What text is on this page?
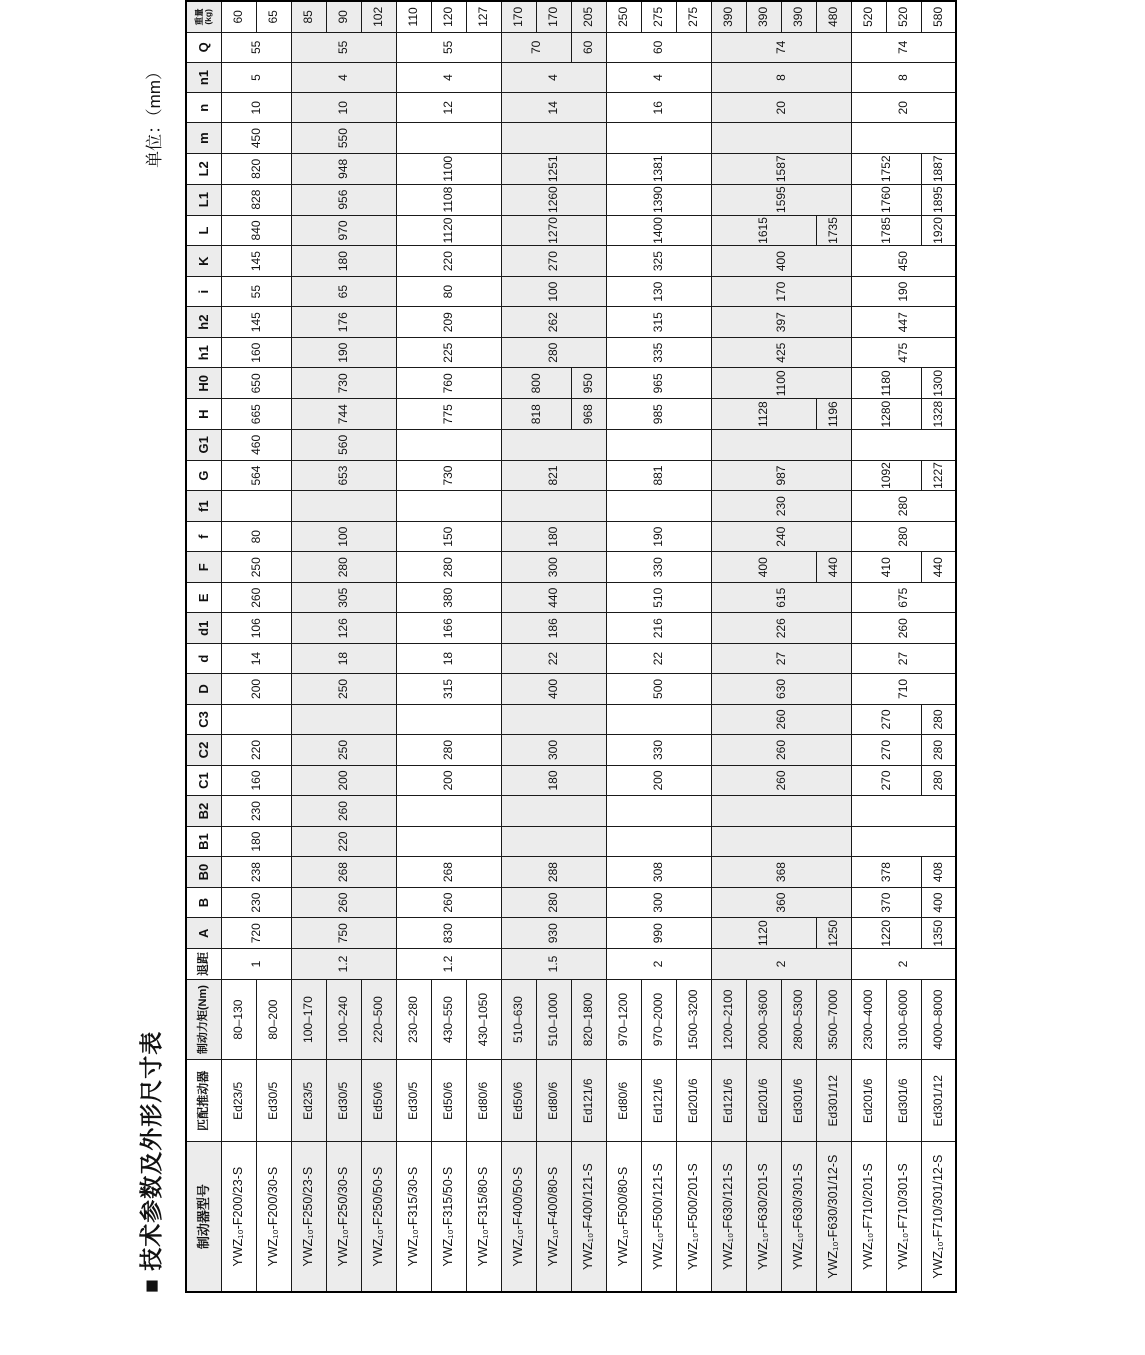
■ 技术参数及外形尺寸表
单位：（mm）
制动器型号	匹配推动器	制动力矩(Nm)	退距	A	B	B0	B1	B2	C1	C2	C3	D	d	d1	E	F	f	f1	G	G1	H	H0	h1	h2	i	K	L	L1	L2	m	n	n1	Q	重量(kg)
YWZ₁₀-F200/23-S	Ed23/5	80–130	1	720	230	238	180	230	160	220		200	14	106	260	250	80		564	460	665	650	160	145	55	145	840	828	820	450	10	5	55	60
YWZ₁₀-F200/30-S	Ed30/5	80–200																																65
YWZ₁₀-F250/23-S	Ed23/5	100–170	1.2	750	260	268	220	260	200	250		250	18	126	305	280	100		653	560	744	730	190	176	65	180	970	956	948	550	10	4	55	85
YWZ₁₀-F250/30-S	Ed30/5	100–240																																90
YWZ₁₀-F250/50-S	Ed50/6	220–500																																102
YWZ₁₀-F315/30-S	Ed30/5	230–280	1.2	830	260	268			200	280		315	18	166	380	280	150		730		775	760	225	209	80	220	1120	1108	1100		12	4	55	110
YWZ₁₀-F315/50-S	Ed50/6	430–550																																120
YWZ₁₀-F315/80-S	Ed80/6	430–1050																																127
YWZ₁₀-F400/50-S	Ed50/6	510–630	1.5	930	280	288			180	300		400	22	186	440	300	180		821		818	800	280	262	100	270	1270	1260	1251		14	4	70	170
YWZ₁₀-F400/80-S	Ed80/6	510–1000																																170
YWZ₁₀-F400/121-S	Ed121/6	820–1800																			968	950											60	205
YWZ₁₀-F500/80-S	Ed80/6	970–1200	2	990	300	308			200	330		500	22	216	510	330	190		881		985	965	335	315	130	325	1400	1390	1381		16	4	60	250
YWZ₁₀-F500/121-S	Ed121/6	970–2000																																275
YWZ₁₀-F500/201-S	Ed201/6	1500–3200																																275
YWZ₁₀-F630/121-S	Ed121/6	1200–2100	2	1120	360	368			260	260	260	630	27	226	615	400	240	230	987		1128	1100	425	397	170	400	1615	1595	1587		20	8	74	390
YWZ₁₀-F630/201-S	Ed201/6	2000–3600																																390
YWZ₁₀-F630/301-S	Ed301/6	2800–5300																																390
YWZ₁₀-F630/301/12-S	Ed301/12	3500–7000		1250												440					1196						1735							480
YWZ₁₀-F710/201-S	Ed201/6	2300–4000	2	1220	370	378			270	270	270	710	27	260	675	410	280	280	1092		1280	1180	475	447	190	450	1785	1760	1752		20	8	74	520
YWZ₁₀-F710/301-S	Ed301/6	3100–6000																																520
YWZ₁₀-F710/301/12-S	Ed301/12	4000–8000		1350	400	408			280	280	280					440			1227		1328	1300					1920	1895	1887					580
